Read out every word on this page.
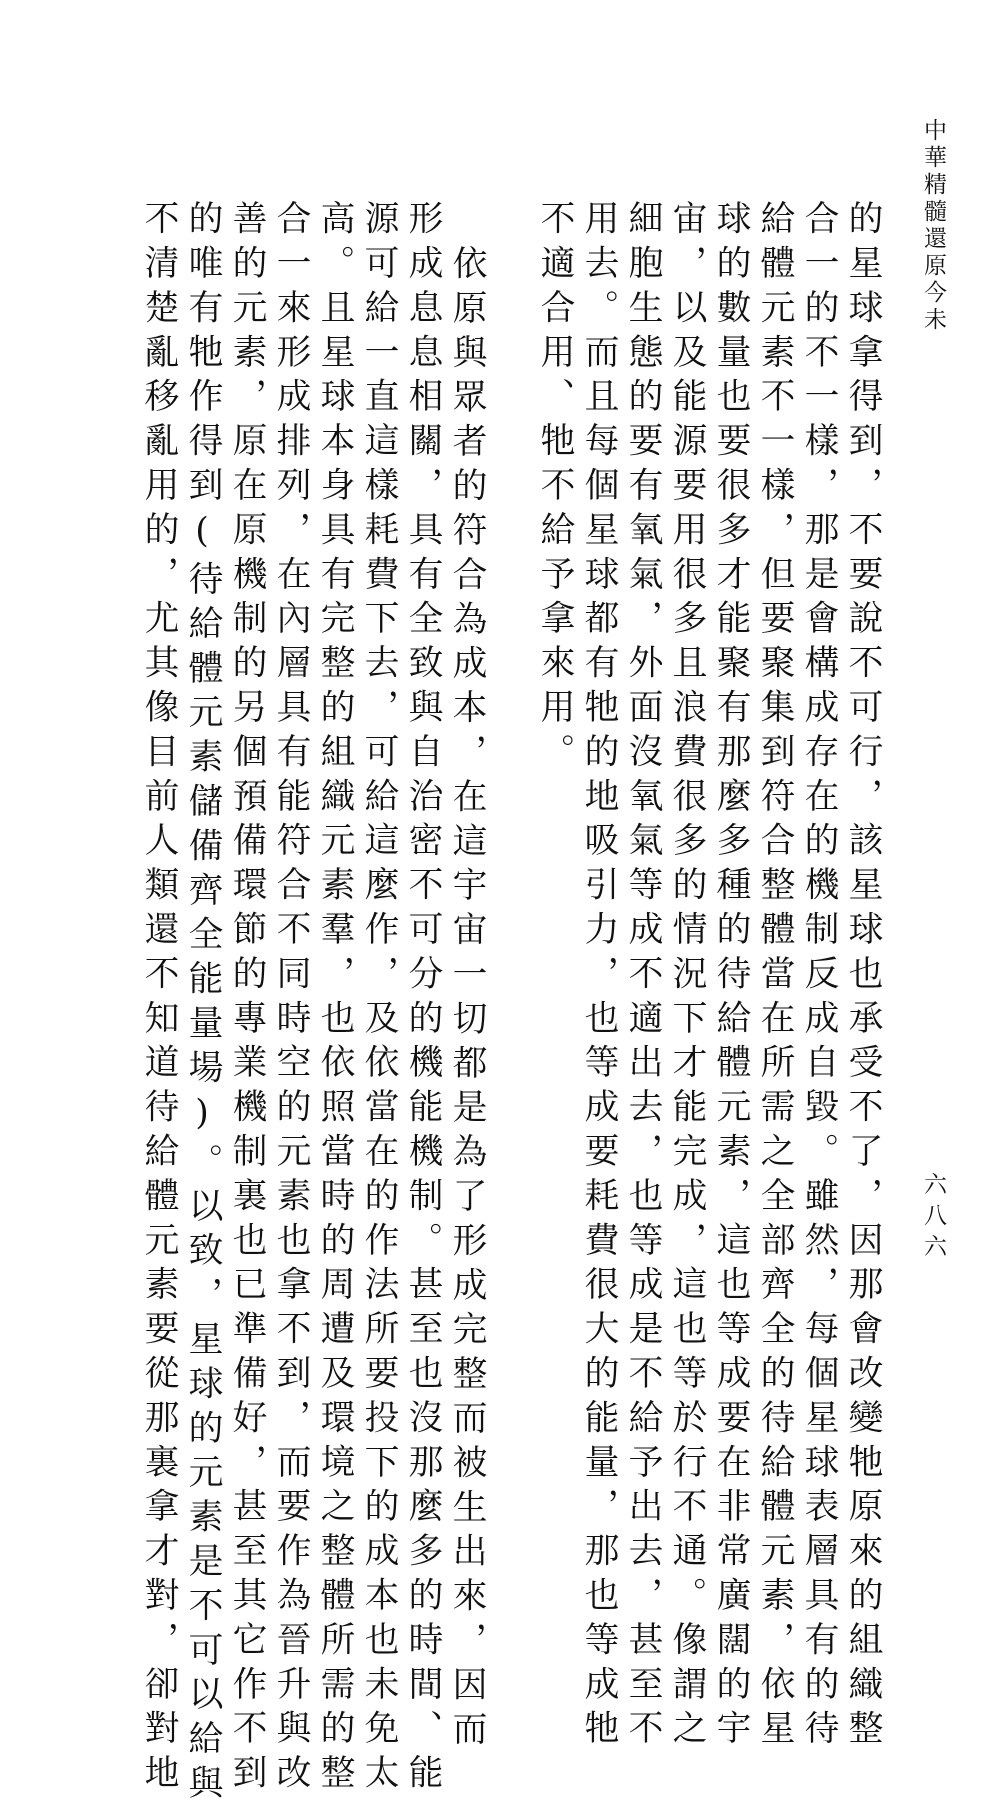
中華精髓還原今未
的星球拿得到，不要說不可行，該星球也承受不了，因那會改變牠原來的組織整
合一的不一樣，那是會構成存在的機制反成自毀。雖然，每個星球表層具有的待
給體元素不一樣，但要聚集到符合整體當在所需之全部齊全的待給體元素，依星
球的數量也要很多才能聚有那麼多種的待給體元素，這也等成要在非常廣闊的宇
宙，以及能源要用很多且浪費很多的情況下才能完成，這也等於行不通。像謂之
細胞生態的要有氧氣，外面沒氧氣等成不適出去，也等成是不給予出去，甚至不
用去。而且每個星球都有牠的地吸引力，也等成要耗費很大的能量，那也等成牠
不適合用、牠不給予拿來用。
依原與眾者的符合為成本，在這宇宙一切都是為了形成完整而被生出來，因而
形成息息相關，具有全致與自治密不可分的機能機制。甚至也沒那麼多的時間、能
源可給一直這樣耗費下去，可給這麼作，及依當在的作法所要投下的成本也未免太
高。且星球本身具有完整的組織元素羣，也依照當時的周遭及環境之整體所需的整
合一來形成排列，在內層具有能符合不同時空的元素也拿不到，而要作為晉升與改
善的元素，原在原機制的另個預備環節的專業機制裏也已準備好，甚至其它作不到
的唯有牠作得到(待給體元素儲備齊全能量場)。以致，星球的元素是不可以給與
不清楚亂移亂用的，尤其像目前人類還不知道待給體元素要從那裏拿才對，卻對地	六八六
